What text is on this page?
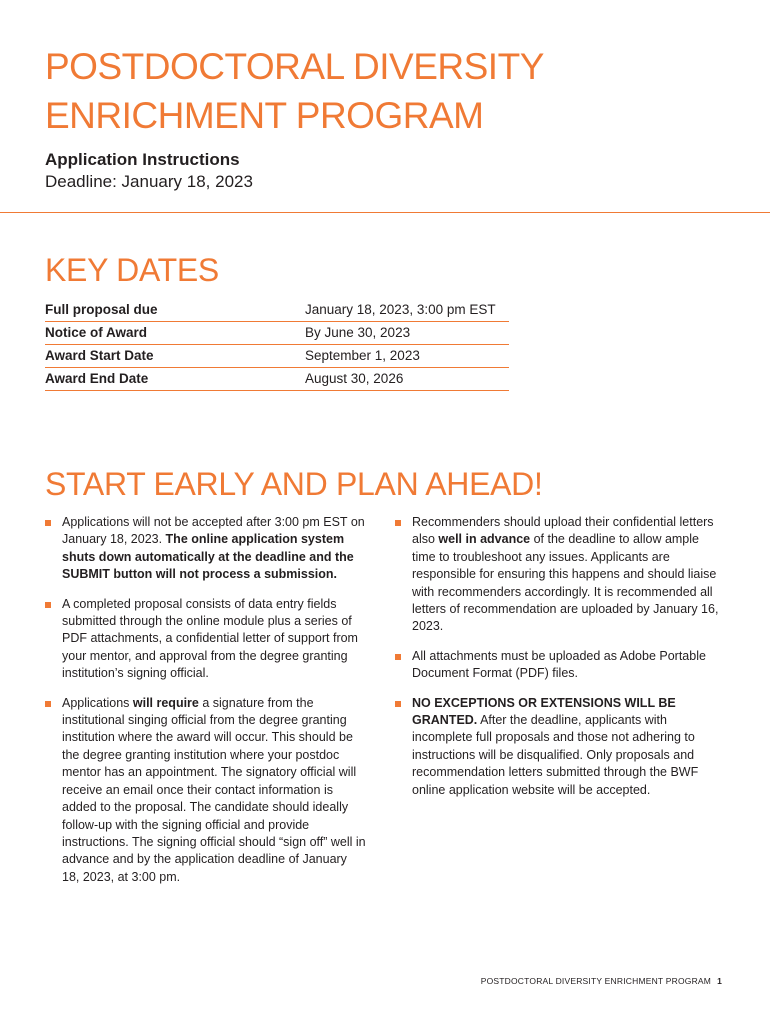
POSTDOCTORAL DIVERSITY
ENRICHMENT PROGRAM
Application Instructions
Deadline: January 18, 2023
KEY DATES
Full proposal due	January 18, 2023, 3:00 pm EST
Notice of Award	By June 30, 2023
Award Start Date	September 1, 2023
Award End Date	August 30, 2026
START EARLY AND PLAN AHEAD!
Applications will not be accepted after 3:00 pm EST on January 18, 2023. The online application system shuts down automatically at the deadline and the SUBMIT button will not process a submission.
A completed proposal consists of data entry fields submitted through the online module plus a series of PDF attachments, a confidential letter of support from your mentor, and approval from the degree granting institution’s signing official.
Applications will require a signature from the institutional singing official from the degree granting institution where the award will occur. This should be the degree granting institution where your postdoc mentor has an appointment. The signatory official will receive an email once their contact information is added to the proposal. The candidate should ideally follow-up with the signing official and provide instructions. The signing official should “sign off” well in advance and by the application deadline of January 18, 2023, at 3:00 pm.
Recommenders should upload their confidential letters also well in advance of the deadline to allow ample time to troubleshoot any issues. Applicants are responsible for ensuring this happens and should liaise with recommenders accordingly. It is recommended all letters of recommendation are uploaded by January 16, 2023.
All attachments must be uploaded as Adobe Portable Document Format (PDF) files.
NO EXCEPTIONS OR EXTENSIONS WILL BE GRANTED. After the deadline, applicants with incomplete full proposals and those not adhering to instructions will be disqualified. Only proposals and recommendation letters submitted through the BWF online application website will be accepted.
POSTDOCTORAL DIVERSITY ENRICHMENT PROGRAM 1
